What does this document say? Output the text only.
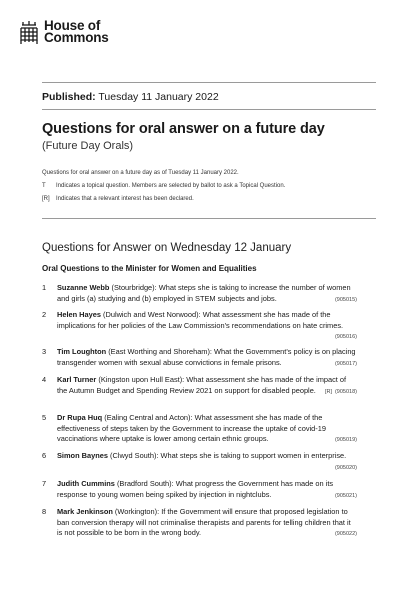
House of
Commons
Published: Tuesday 11 January 2022
Questions for oral answer on a future day
(Future Day Orals)
Questions for oral answer on a future day as of Tuesday 11 January 2022.
T	Indicates a topical question. Members are selected by ballot to ask a Topical Question.
[R]	Indicates that a relevant interest has been declared.
Questions for Answer on Wednesday 12 January
Oral Questions to the Minister for Women and Equalities
1	Suzanne Webb (Stourbridge): What steps she is taking to increase the number of women and girls (a) studying and (b) employed in STEM subjects and jobs.	(905015)
2	Helen Hayes (Dulwich and West Norwood): What assessment she has made of the implications for her policies of the Law Commission's recommendations on hate crimes.
(905016)
3	Tim Loughton (East Worthing and Shoreham): What the Government's policy is on placing transgender women with sexual abuse convictions in female prisons.	(905017)
4	Karl Turner (Kingston upon Hull East): What assessment she has made of the impact of the Autumn Budget and Spending Review 2021 on support for disabled people. [R] (905018)
5	Dr Rupa Huq (Ealing Central and Acton): What assessment she has made of the effectiveness of steps taken by the Government to increase the uptake of covid-19 vaccinations where uptake is lower among certain ethnic groups.	(905019)
6	Simon Baynes (Clwyd South): What steps she is taking to support women in enterprise.
(905020)
7	Judith Cummins (Bradford South): What progress the Government has made on its response to young women being spiked by injection in nightclubs.	(905021)
8	Mark Jenkinson (Workington): If the Government will ensure that proposed legislation to ban conversion therapy will not criminalise therapists and parents for telling children that it is not possible to be born in the wrong body.	(905022)
